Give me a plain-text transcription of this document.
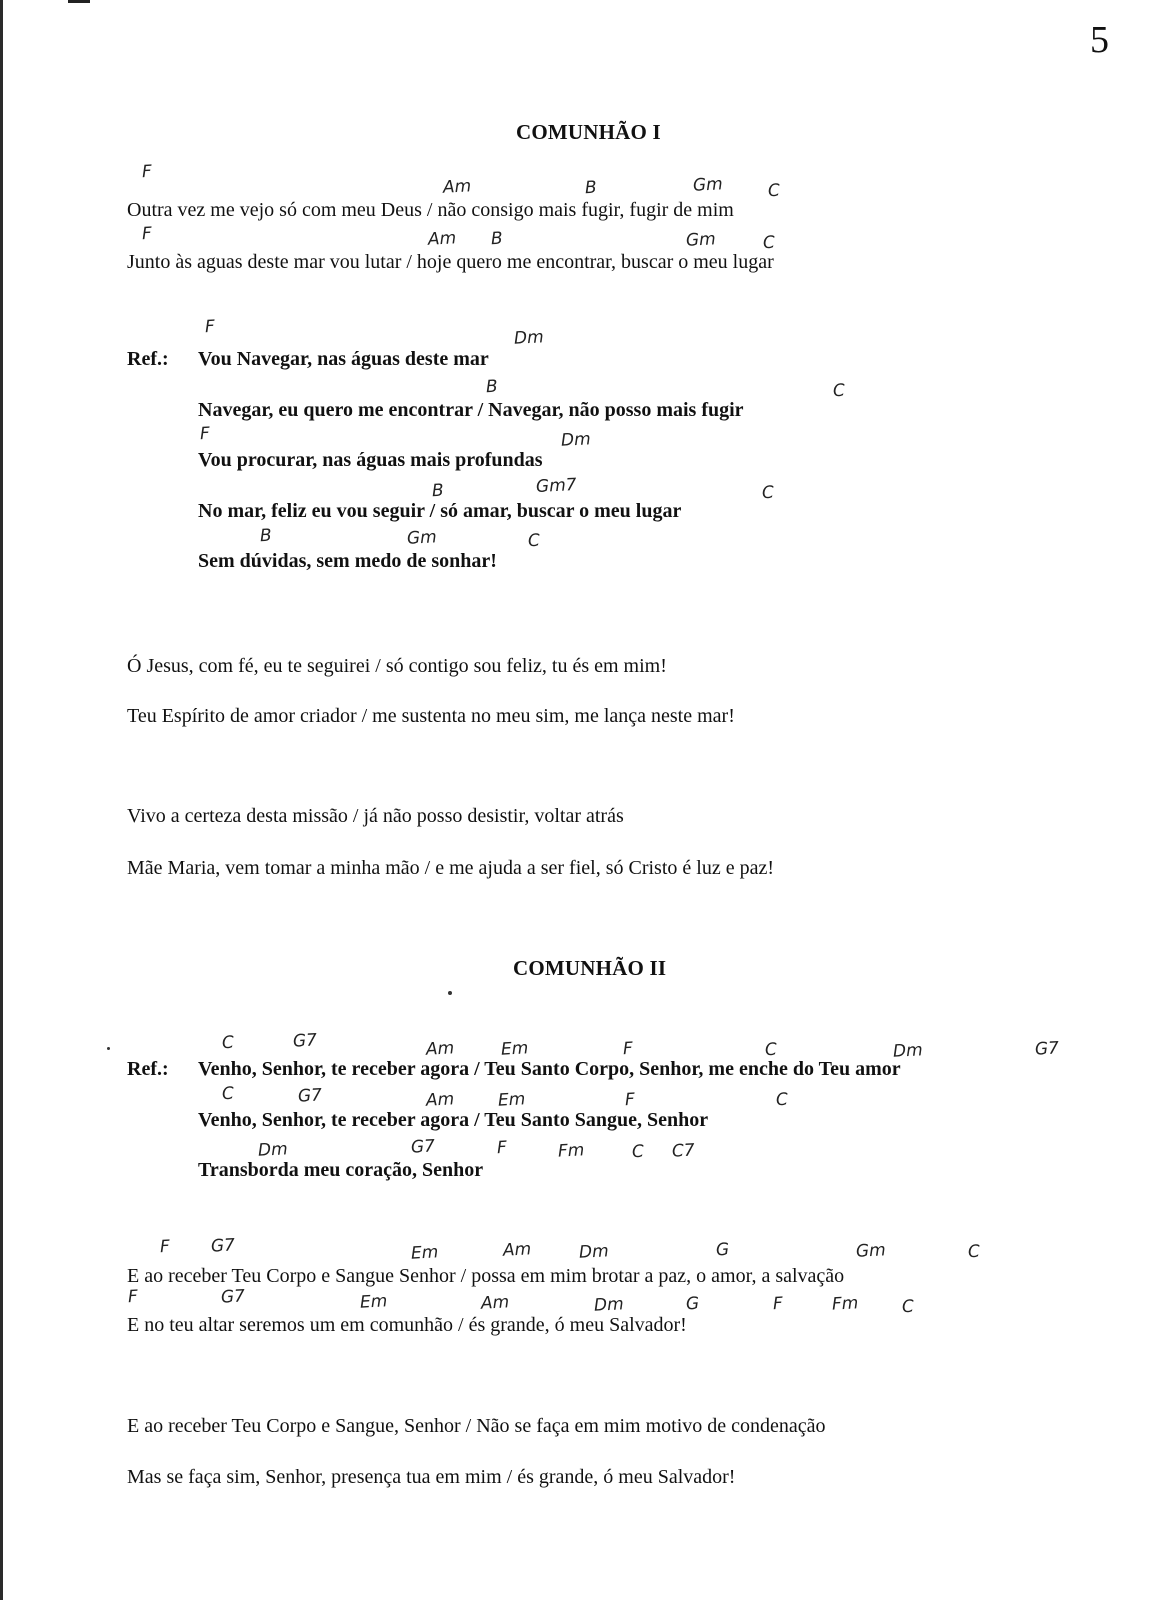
5
COMUNHÃO I
F
Am	B	Gm	C
Outra vez me vejo só com meu Deus / não consigo mais fugir, fugir de mim
F	Am B	Gm	C
Junto às aguas deste mar vou lutar / hoje quero me encontrar, buscar o meu lugar
F
Dm
Ref.: Vou Navegar, nas águas deste mar
B	C
Navegar, eu quero me encontrar / Navegar, não posso mais fugir
F	Dm
Vou procurar, nas águas mais profundas
B	Gm7	C
No mar, feliz eu vou seguir / só amar, buscar o meu lugar
B	Gm	C
Sem dúvidas, sem medo de sonhar!
Ó Jesus, com fé, eu te seguirei / só contigo sou feliz, tu és em mim!
Teu Espírito de amor criador / me sustenta no meu sim, me lança neste mar!
Vivo a certeza desta missão / já não posso desistir, voltar atrás
Mãe Maria, vem tomar a minha mão / e me ajuda a ser fiel, só Cristo é luz e paz!
COMUNHÃO II
C	G7	Am	Em	F	C	Dm	G7
Ref.: Venho, Senhor, te receber agora / Teu Santo Corpo, Senhor, me enche do Teu amor
C	G7	Am	Em	F	C
Venho, Senhor, te receber agora / Teu Santo Sangue, Senhor
Dm	G7	F	Fm	C C7
Transborda meu coração, Senhor
F G7	Em	Am	Dm	G	Gm	C
E ao receber Teu Corpo e Sangue Senhor / possa em mim brotar a paz, o amor, a salvação
F	G7	Em	Am	Dm	G	F	Fm	C
E no teu altar seremos um em comunhão / és grande, ó meu Salvador!
E ao receber Teu Corpo e Sangue, Senhor / Não se faça em mim motivo de condenação
Mas se faça sim, Senhor, presença tua em mim / és grande, ó meu Salvador!
